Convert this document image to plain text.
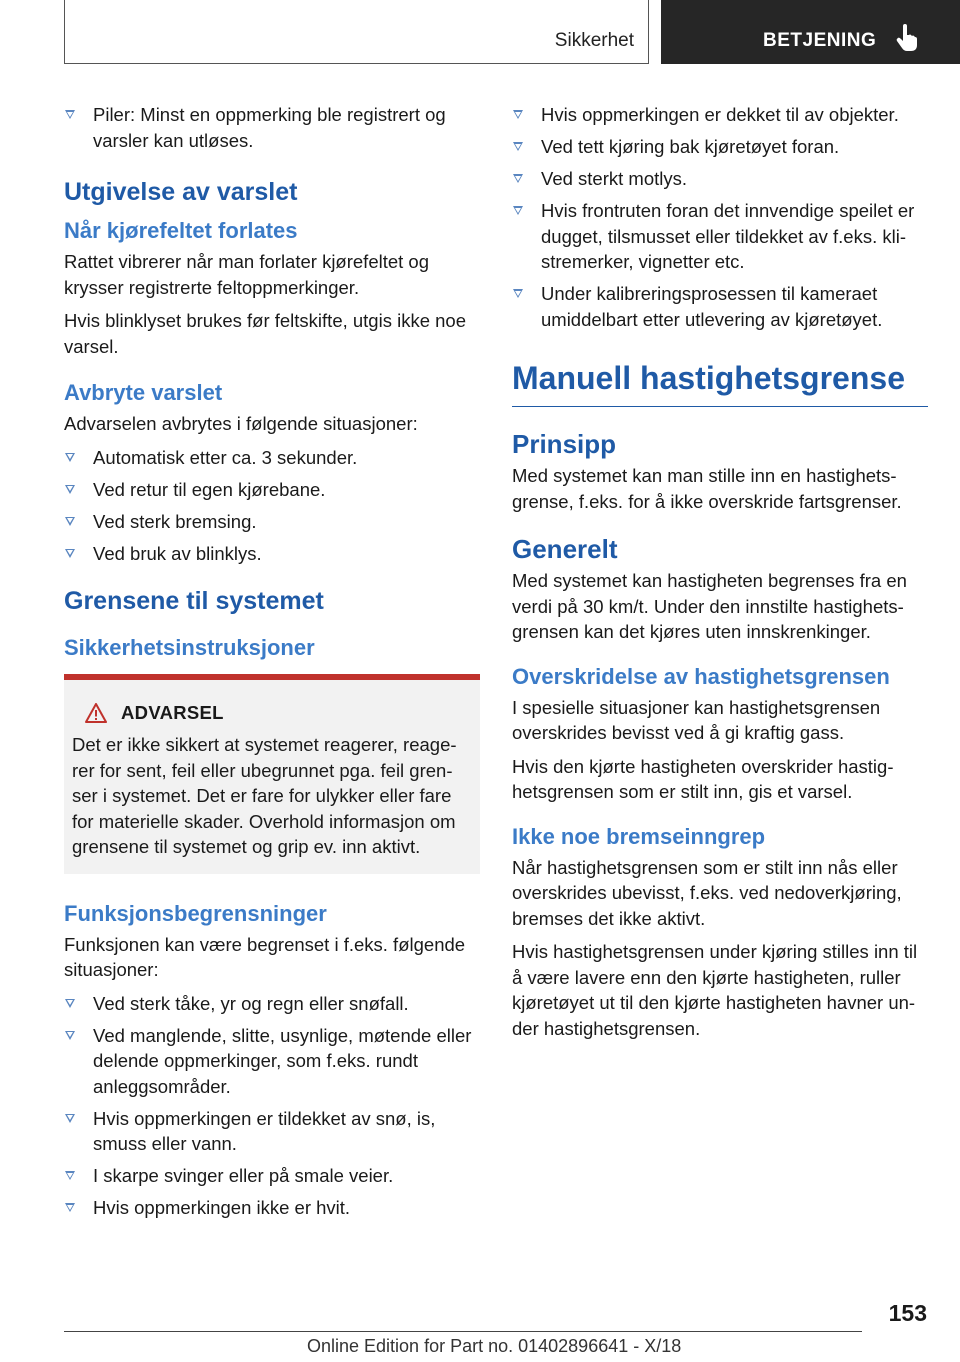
Sikkerhet	BETJENING
Piler: Minst en oppmerking ble registrert og varsler kan utløses.
Utgivelse av varslet
Når kjørefeltet forlates

Rattet vibrerer når man forlater kjørefeltet og krysser registrerte feltoppmerkinger.

Hvis blinklyset brukes før feltskifte, utgis ikke noe varsel.

Avbryte varslet

Advarselen avbrytes i følgende situasjoner:

Automatisk etter ca. 3 sekunder.
Ved retur til egen kjørebane.
Ved sterk bremsing.
Ved bruk av blinklys.
Grensene til systemet
Sikkerhetsinstruksjoner
ADVARSEL

Det er ikke sikkert at systemet reagerer, reagerer for sent, feil eller ubegrunnet pga. feil grenser i systemet. Det er fare for ulykker eller fare for materielle skader. Overhold informasjon om grensene til systemet og grip ev. inn aktivt.

Funksjonsbegrensninger

Funksjonen kan være begrenset i f.eks. følgende situasjoner:

Ved sterk tåke, yr og regn eller snøfall.
Ved manglende, slitte, usynlige, møtende eller delende oppmerkinger, som f.eks. rundt anleggsområder.
Hvis oppmerkingen er tildekket av snø, is, smuss eller vann.
I skarpe svinger eller på smale veier.
Hvis oppmerkingen ikke er hvit.
Hvis oppmerkingen er dekket til av objekter.
Ved tett kjøring bak kjøretøyet foran.
Ved sterkt motlys.
Hvis frontruten foran det innvendige speilet er dugget, tilsmusset eller tildekket av f.eks. klistremerker, vignetter etc.
Under kalibreringsprosessen til kameraet umiddelbart etter utlevering av kjøretøyet.
Manuell hastighetsgrense
Prinsipp

Med systemet kan man stille inn en hastighetsgrense, f.eks. for å ikke overskride fartsgrenser.

Generelt

Med systemet kan hastigheten begrenses fra en verdi på 30 km/t. Under den innstilte hastighetsgrensen kan det kjøres uten innskrenkinger.

Overskridelse av hastighetsgrensen

I spesielle situasjoner kan hastighetsgrensen overskrides bevisst ved å gi kraftig gass.

Hvis den kjørte hastigheten overskrider hastighetsgrensen som er stilt inn, gis et varsel.

Ikke noe bremseinngrep

Når hastighetsgrensen som er stilt inn nås eller overskrides ubevisst, f.eks. ved nedoverkjøring, bremses det ikke aktivt.

Hvis hastighetsgrensen under kjøring stilles inn til å være lavere enn den kjørte hastigheten, ruller kjøretøyet ut til den kjørte hastigheten havner under hastighetsgrensen.

153
Online Edition for Part no. 01402896641 - X/18
